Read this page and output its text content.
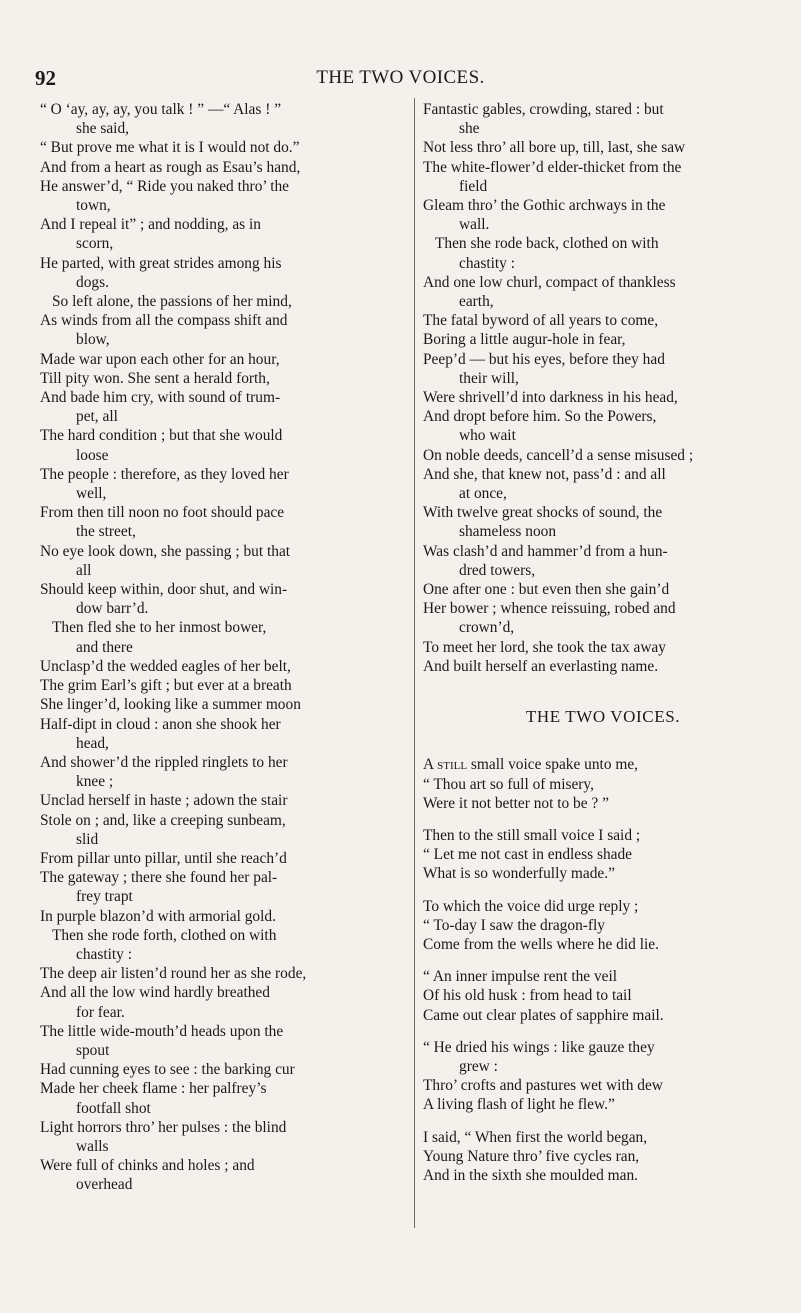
92	THE TWO VOICES.
“ O ‘ay, ay, ay, you talk ! ” —“ Alas ! ”
she said,
“ But prove me what it is I would not do.”
And from a heart as rough as Esau’s hand,
He answer’d, “ Ride you naked thro’ the
town,
And I repeal it” ; and nodding, as in
scorn,
He parted, with great strides among his
dogs.
So left alone, the passions of her mind,
As winds from all the compass shift and
blow,
Made war upon each other for an hour,
Till pity won. She sent a herald forth,
And bade him cry, with sound of trum-
pet, all
The hard condition ; but that she would
loose
The people : therefore, as they loved her
well,
From then till noon no foot should pace
the street,
No eye look down, she passing ; but that
all
Should keep within, door shut, and win-
dow barr’d.
Then fled she to her inmost bower,
and there
Unclasp’d the wedded eagles of her belt,
The grim Earl’s gift ; but ever at a breath
She linger’d, looking like a summer moon
Half-dipt in cloud : anon she shook her
head,
And shower’d the rippled ringlets to her
knee ;
Unclad herself in haste ; adown the stair
Stole on ; and, like a creeping sunbeam,
slid
From pillar unto pillar, until she reach’d
The gateway ; there she found her pal-
frey trapt
In purple blazon’d with armorial gold.
Then she rode forth, clothed on with
chastity :
The deep air listen’d round her as she rode,
And all the low wind hardly breathed
for fear.
The little wide-mouth’d heads upon the
spout
Had cunning eyes to see : the barking cur
Made her cheek flame : her palfrey’s
footfall shot
Light horrors thro’ her pulses : the blind
walls
Were full of chinks and holes ; and
overhead
Fantastic gables, crowding, stared : but
she
Not less thro’ all bore up, till, last, she saw
The white-flower’d elder-thicket from the
field
Gleam thro’ the Gothic archways in the
wall.
Then she rode back, clothed on with
chastity :
And one low churl, compact of thankless
earth,
The fatal byword of all years to come,
Boring a little augur-hole in fear,
Peep’d — but his eyes, before they had
their will,
Were shrivell’d into darkness in his head,
And dropt before him. So the Powers,
who wait
On noble deeds, cancell’d a sense misused ;
And she, that knew not, pass’d : and all
at once,
With twelve great shocks of sound, the
shameless noon
Was clash’d and hammer’d from a hun-
dred towers,
One after one : but even then she gain’d
Her bower ; whence reissuing, robed and
crown’d,
To meet her lord, she took the tax away
And built herself an everlasting name.
THE TWO VOICES.
A still small voice spake unto me,
“ Thou art so full of misery,
Were it not better not to be ? ”
Then to the still small voice I said ;
“ Let me not cast in endless shade
What is so wonderfully made.”
To which the voice did urge reply ;
“ To-day I saw the dragon-fly
Come from the wells where he did lie.
“ An inner impulse rent the veil
Of his old husk : from head to tail
Came out clear plates of sapphire mail.
“ He dried his wings : like gauze they
grew :
Thro’ crofts and pastures wet with dew
A living flash of light he flew.”
I said, “ When first the world began,
Young Nature thro’ five cycles ran,
And in the sixth she moulded man.
